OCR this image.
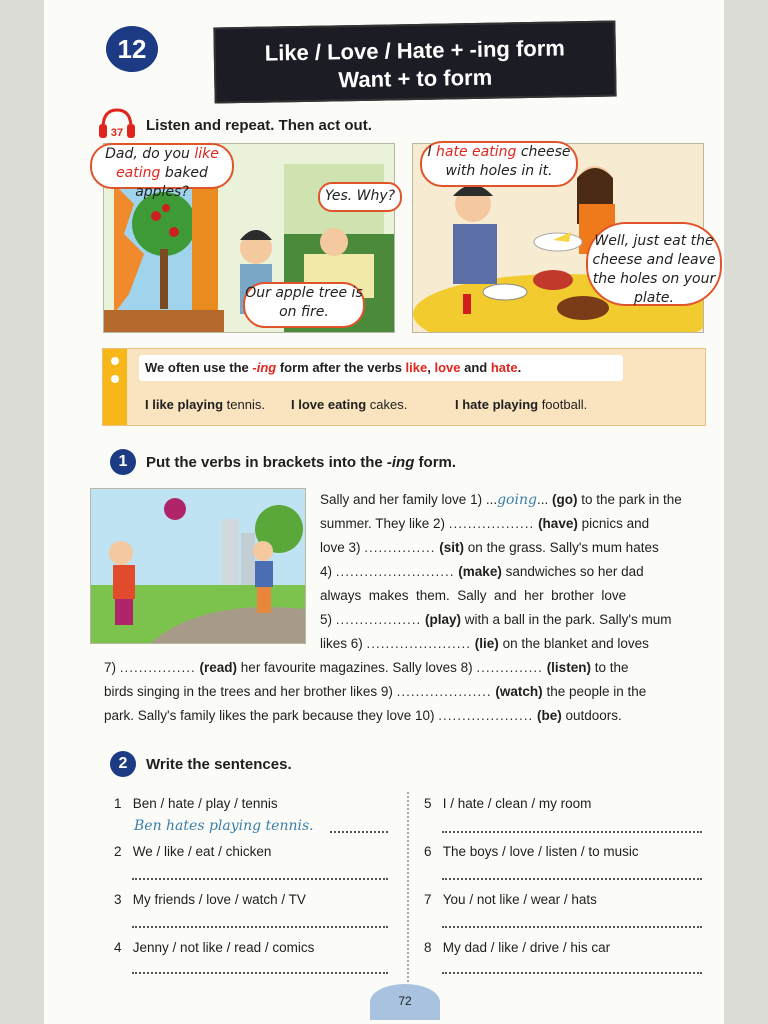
12	Like / Love / Hate + -ing form
Want + to form
37 Listen and repeat. Then act out.
Dad, do you like eating baked apples?	Yes. Why?
Our apple tree is on fire.
I hate eating cheese with holes in it.
Well, just eat the cheese and leave the holes on your plate.
We often use the -ing form after the verbs like, love and hate.
I like playing tennis. I love eating cakes.	I hate playing football.
1	Put the verbs in brackets into the -ing form.
Sally and her family love 1) ...going... (go) to the park in the
summer. They like 2) .................. (have) picnics and
love 3) ............... (sit) on the grass. Sally's mum hates
4) ......................... (make) sandwiches so her dad
always  makes  them.  Sally  and  her  brother  love
5) .................. (play) with a ball in the park. Sally's mum
likes 6) ...................... (lie) on the blanket and loves
7) ................ (read) her favourite magazines. Sally loves 8) .............. (listen) to the
birds singing in the trees and her brother likes 9) .................... (watch) the people in the
park. Sally's family likes the park because they love 10) .................... (be) outdoors.
2	Write the sentences.
1 Ben / hate / play / tennis
Ben hates playing tennis.
2 We / like / eat / chicken
3 My friends / love / watch / TV
4 Jenny / not like / read / comics
5 I / hate / clean / my room
6 The boys / love / listen / to music
7 You / not like / wear / hats
8 My dad / like / drive / his car
72
